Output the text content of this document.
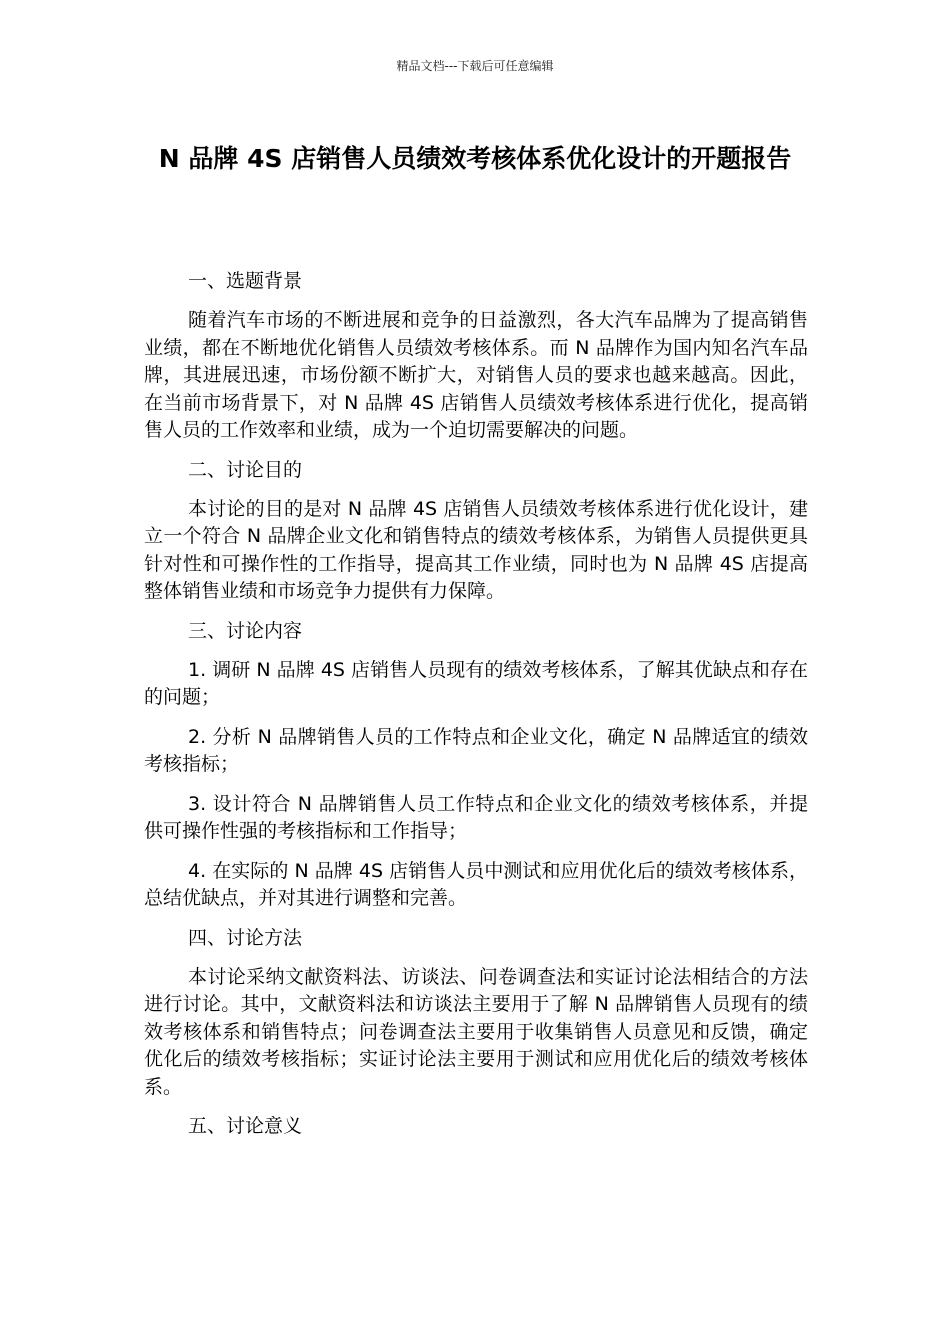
精品文档---下载后可任意编辑
N 品牌 4S 店销售人员绩效考核体系优化设计的开题报告

一、选题背景

随着汽车市场的不断进展和竞争的日益激烈，各大汽车品牌为了提高销售业绩，都在不断地优化销售人员绩效考核体系。而 N 品牌作为国内知名汽车品牌，其进展迅速，市场份额不断扩大，对销售人员的要求也越来越高。因此，在当前市场背景下，对 N 品牌 4S 店销售人员绩效考核体系进行优化，提高销售人员的工作效率和业绩，成为一个迫切需要解决的问题。

二、讨论目的

本讨论的目的是对 N 品牌 4S 店销售人员绩效考核体系进行优化设计，建立一个符合 N 品牌企业文化和销售特点的绩效考核体系，为销售人员提供更具针对性和可操作性的工作指导，提高其工作业绩，同时也为 N 品牌 4S 店提高整体销售业绩和市场竞争力提供有力保障。

三、讨论内容

1. 调研 N 品牌 4S 店销售人员现有的绩效考核体系，了解其优缺点和存在的问题；

2. 分析 N 品牌销售人员的工作特点和企业文化，确定 N 品牌适宜的绩效考核指标；

3. 设计符合 N 品牌销售人员工作特点和企业文化的绩效考核体系，并提供可操作性强的考核指标和工作指导；

4. 在实际的 N 品牌 4S 店销售人员中测试和应用优化后的绩效考核体系，总结优缺点，并对其进行调整和完善。

四、讨论方法

本讨论采纳文献资料法、访谈法、问卷调查法和实证讨论法相结合的方法进行讨论。其中，文献资料法和访谈法主要用于了解 N 品牌销售人员现有的绩效考核体系和销售特点；问卷调查法主要用于收集销售人员意见和反馈，确定优化后的绩效考核指标；实证讨论法主要用于测试和应用优化后的绩效考核体系。

五、讨论意义
